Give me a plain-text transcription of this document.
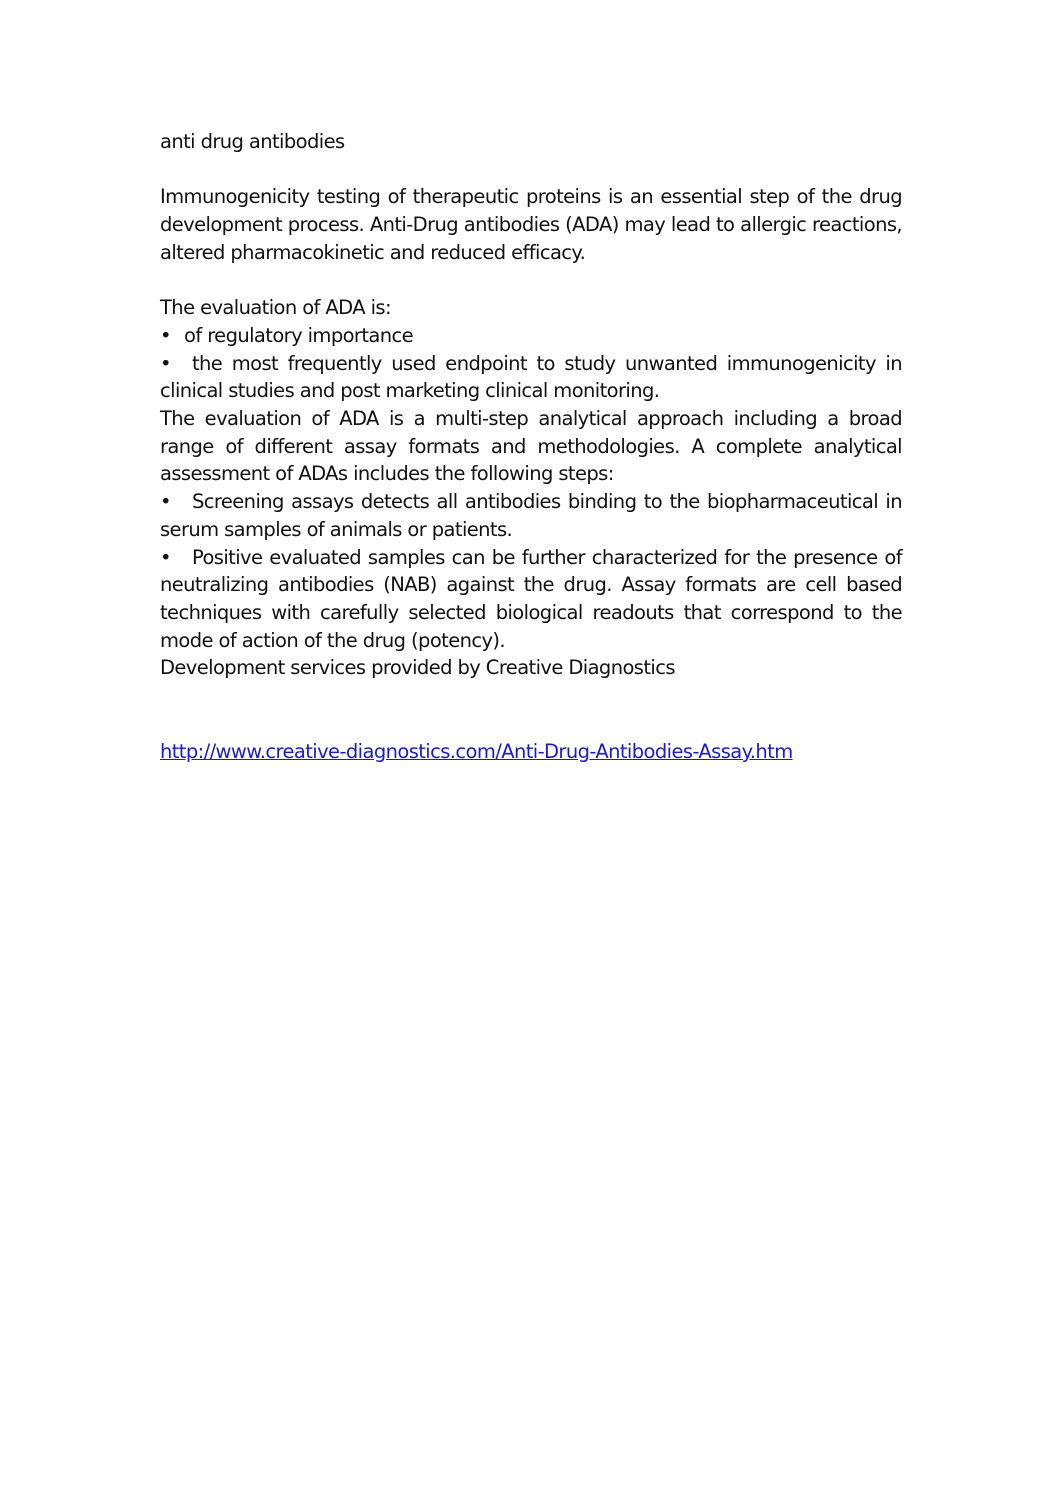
anti drug antibodies

Immunogenicity testing of therapeutic proteins is an essential step of the drug development process. Anti-Drug antibodies (ADA) may lead to allergic reactions, altered pharmacokinetic and reduced efficacy.

The evaluation of ADA is:

• of regulatory importance

• the most frequently used endpoint to study unwanted immunogenicity in clinical studies and post marketing clinical monitoring.

The evaluation of ADA is a multi-step analytical approach including a broad range of different assay formats and methodologies. A complete analytical assessment of ADAs includes the following steps:

• Screening assays detects all antibodies binding to the biopharmaceutical in serum samples of animals or patients.

• Positive evaluated samples can be further characterized for the presence of neutralizing antibodies (NAB) against the drug. Assay formats are cell based techniques with carefully selected biological readouts that correspond to the mode of action of the drug (potency).

Development services provided by Creative Diagnostics

http://www.creative-diagnostics.com/Anti-Drug-Antibodies-Assay.htm
